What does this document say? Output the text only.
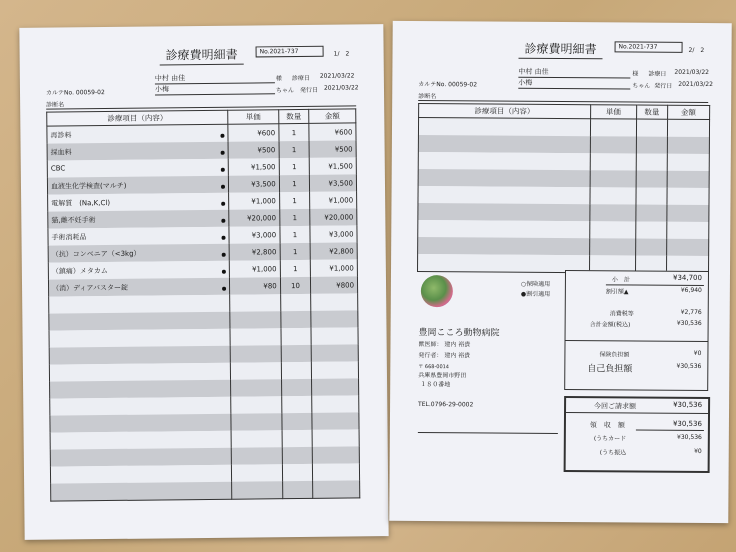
診療費明細書	No.2021-737	1/　2
中村 由佳	様 診療日 2021/03/22
カルテNo. 00059-02	小梅	ちゃん 発行日 2021/03/22
診断名
診療項目（内容）	単価	数量	金額
再診料	¥600	1	¥600
採血料	¥500	1	¥500
CBC	¥1,500	1	¥1,500
血液生化学検査(マルチ)	¥3,500	1	¥3,500
電解質　(Na,K,Cl)	¥1,000	1	¥1,000
猫,雌不妊手術	¥20,000	1	¥20,000
手術消耗品	¥3,000	1	¥3,000
（抗）コンベニア（<3kg）	¥2,800	1	¥2,800
（鎮痛）メタカム	¥1,000	1	¥1,000
（消）ディアバスター錠	¥80	10	¥800

診療費明細書	No.2021-737	2/　2
中村 由佳	様 診療日 2021/03/22
カルテNo. 00059-02	小梅	ちゃん 発行日 2021/03/22
診断名
診療項目（内容）	単価	数量	金額

○保険適用
●割引適用
豊岡こころ動物病院
獣医師： 建内 裕貴
発行者： 建内 裕貴
〒 668-0014
兵庫県豊岡市野田
１８０番地
TEL.0796-29-0002
小　計	¥34,700
割引額▲	¥6,940
消費税等	¥2,776
合計金額(税込)	¥30,536
保険負担額	¥0
自己負担額	¥30,536
今回ご請求額	¥30,536
領　収　額	¥30,536
(うちカード	¥30,536
(うち振込	¥0
